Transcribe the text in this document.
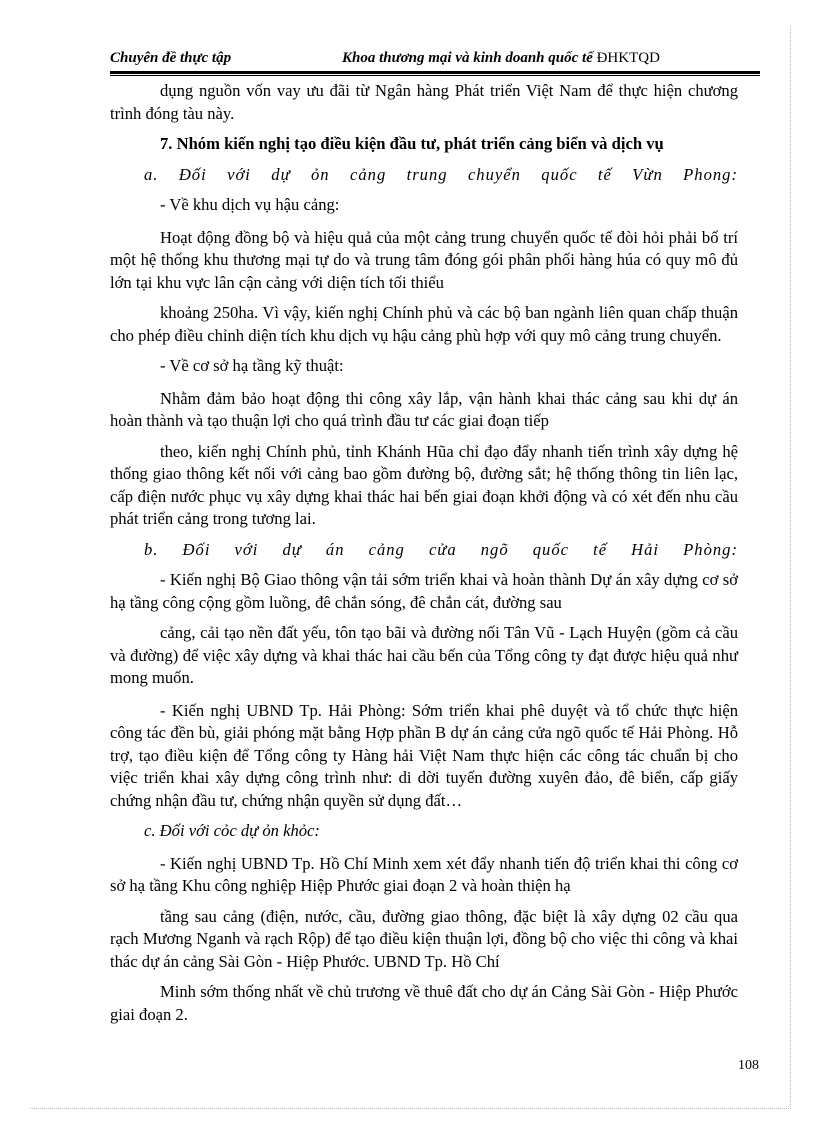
Chuyên đề thực tập	Khoa thương mại và kinh doanh quốc tế ĐHKTQD

dụng nguồn vốn vay ưu đãi từ Ngân hàng Phát triển Việt Nam để thực hiện chương trình đóng tàu này.

7. Nhóm kiến nghị tạo điều kiện đầu tư, phát triển cảng biển và dịch vụ

a. Đối với dự ỏn cảng trung chuyển quốc tế Vừn Phong:

- Về khu dịch vụ hậu cảng:

Hoạt động đồng bộ và hiệu quả của một cảng trung chuyển quốc tế đòi hỏi phải bố trí một hệ thống khu thương mại tự do và trung tâm đóng gói phân phối hàng húa có quy mô đủ lớn tại khu vực lân cận cảng với diện tích tối thiểu

khoảng 250ha. Vì vậy, kiến nghị Chính phủ và các bộ ban ngành liên quan chấp thuận cho phép điều chỉnh diện tích khu dịch vụ hậu cảng phù hợp với quy mô cảng trung chuyển.

- Về cơ sở hạ tầng kỹ thuật:

Nhằm đảm bảo hoạt động thi công xây lắp, vận hành khai thác cảng sau khi dự án hoàn thành và tạo thuận lợi cho quá trình đầu tư các giai đoạn tiếp

theo, kiến nghị Chính phủ, tỉnh Khánh Hũa chỉ đạo đẩy nhanh tiến trình xây dựng hệ thống giao thông kết nối với cảng bao gồm đường bộ, đường sắt; hệ thống thông tin liên lạc, cấp điện nước phục vụ xây dựng khai thác hai bến giai đoạn khởi động và có xét đến nhu cầu phát triển cảng trong tương lai.

b. Đối với dự án cảng cửa ngõ quốc tế Hải Phòng:

- Kiến nghị Bộ Giao thông vận tải sớm triển khai và hoàn thành Dự án xây dựng cơ sở hạ tầng công cộng gồm luồng, đê chắn sóng, đê chắn cát, đường sau

cảng, cải tạo nền đất yếu, tôn tạo bãi và đường nối Tân Vũ - Lạch Huyện (gồm cả cầu và đường) để việc xây dựng và khai thác hai cầu bến của Tổng công ty đạt được hiệu quả như mong muốn.

- Kiến nghị UBND Tp. Hải Phòng: Sớm triển khai phê duyệt và tổ chức thực hiện công tác đền bù, giải phóng mặt bằng Hợp phần B dự án cảng cửa ngõ quốc tế Hải Phòng. Hỗ trợ, tạo điều kiện để Tổng công ty Hàng hải Việt Nam thực hiện các công tác chuẩn bị cho việc triển khai xây dựng công trình như: di dời tuyến đường xuyên đảo, đê biển, cấp giấy chứng nhận đầu tư, chứng nhận quyền sử dụng đất…

c. Đối với cỏc dự ỏn khỏc:

- Kiến nghị UBND Tp. Hồ Chí Minh xem xét đẩy nhanh tiến độ triển khai thi công cơ sở hạ tầng Khu công nghiệp Hiệp Phước giai đoạn 2 và hoàn thiện hạ

tầng sau cảng (điện, nước, cầu, đường giao thông, đặc biệt là xây dựng 02 cầu qua rạch Mương Nganh và rạch Rộp) để tạo điều kiện thuận lợi, đồng bộ cho việc thi công và khai thác dự án cảng Sài Gòn - Hiệp Phước. UBND Tp. Hồ Chí

Minh sớm thống nhất về chủ trương về thuê đất cho dự án Cảng Sài Gòn - Hiệp Phước giai đoạn 2.

108
